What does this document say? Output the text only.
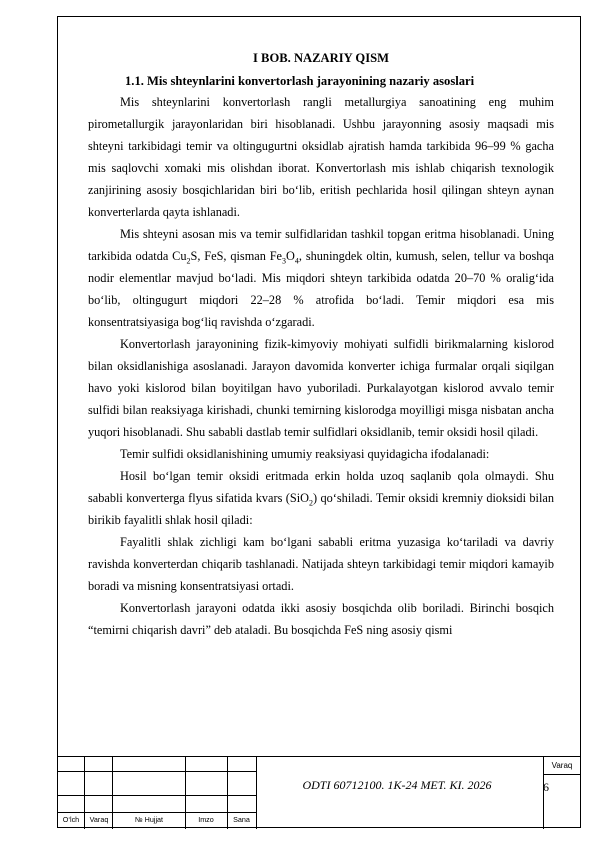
I BOB. NAZARIY QISM
1.1. Mis shteynlarini konvertorlash jarayonining nazariy asoslari

Mis shteynlarini konvertorlash rangli metallurgiya sanoatining eng muhim pirometallurgik jarayonlaridan biri hisoblanadi. Ushbu jarayonning asosiy maqsadi mis shteyni tarkibidagi temir va oltingugurtni oksidlab ajratish hamda tarkibida 96–99 % gacha mis saqlovchi xomaki mis olishdan iborat. Konvertorlash mis ishlab chiqarish texnologik zanjirining asosiy bosqichlaridan biri bo‘lib, eritish pechlarida hosil qilingan shteyn aynan konverterlarda qayta ishlanadi.

Mis shteyni asosan mis va temir sulfidlaridan tashkil topgan eritma hisoblanadi. Uning tarkibida odatda $Cu_2S$, FeS, qisman $Fe_3O_4$, shuningdek oltin, kumush, selen, tellur va boshqa nodir elementlar mavjud bo‘ladi. Mis miqdori shteyn tarkibida odatda 20–70 % oralig‘ida bo‘lib, oltingugurt miqdori 22–28 % atrofida bo‘ladi. Temir miqdori esa mis konsentratsiyasiga bog‘liq ravishda o‘zgaradi.

Konvertorlash jarayonining fizik-kimyoviy mohiyati sulfidli birikmalarning kislorod bilan oksidlanishiga asoslanadi. Jarayon davomida konverter ichiga furmalar orqali siqilgan havo yoki kislorod bilan boyitilgan havo yuboriladi. Purkalayotgan kislorod avvalo temir sulfidi bilan reaksiyaga kirishadi, chunki temirning kislorodga moyilligi misga nisbatan ancha yuqori hisoblanadi. Shu sababli dastlab temir sulfidlari oksidlanib, temir oksidi hosil qiladi.

Temir sulfidi oksidlanishining umumiy reaksiyasi quyidagicha ifodalanadi:

Hosil bo‘lgan temir oksidi eritmada erkin holda uzoq saqlanib qola olmaydi. Shu sababli konverterga flyus sifatida kvars (SiO$_2$) qo‘shiladi. Temir oksidi kremniy dioksidi bilan birikib fayalitli shlak hosil qiladi:

Fayalitli shlak zichligi kam bo‘lgani sababli eritma yuzasiga ko‘tariladi va davriy ravishda konverterdan chiqarib tashlanadi. Natijada shteyn tarkibidagi temir miqdori kamayib boradi va misning konsentratsiyasi ortadi.

Konvertorlash jarayoni odatda ikki asosiy bosqichda olib boriladi. Birinchi bosqich “temirni chiqarish davri” deb ataladi. Bu bosqichda FeS ning asosiy qismi

O‘lch	Varaq	№ Hujjat	Imzo	Sana
ODTI 60712100. 1K-24 MET. KI. 2026
Varaq
6
